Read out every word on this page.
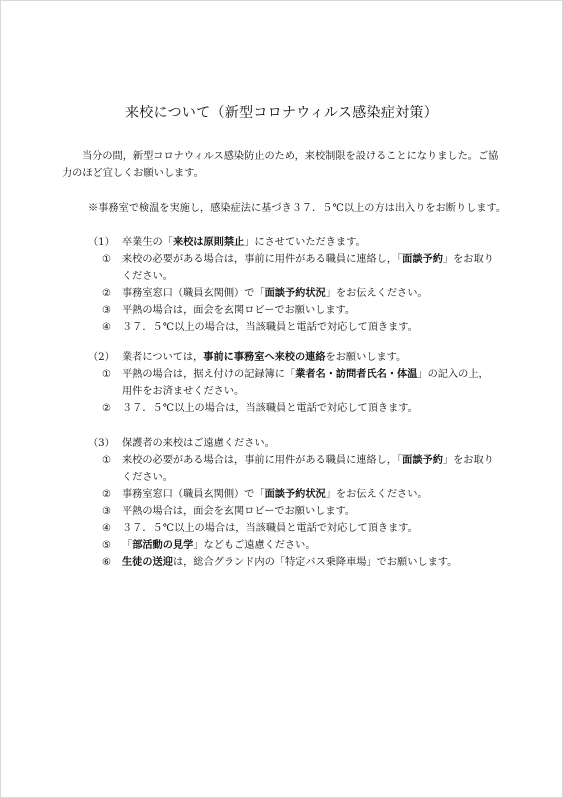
来校について（新型コロナウィルス感染症対策）
当分の間，新型コロナウィルス感染防止のため，来校制限を設けることになりました。ご協力のほど宜しくお願いします。
※事務室で検温を実施し，感染症法に基づき３７．５℃以上の方は出入りをお断りします。
（1） 卒業生の「来校は原則禁止」にさせていただきます。
① 来校の必要がある場合は，事前に用件がある職員に連絡し，「面談予約」をお取り
ください。
② 事務室窓口（職員玄関側）で「面談予約状況」をお伝えください。
③ 平熱の場合は，面会を玄関ロビーでお願いします。
④ ３７．５℃以上の場合は，当該職員と電話で対応して頂きます。
（2） 業者については，事前に事務室へ来校の連絡をお願いします。
① 平熱の場合は，据え付けの記録簿に「業者名・訪問者氏名・体温」の記入の上，
用件をお済ませください。
② ３７．５℃以上の場合は，当該職員と電話で対応して頂きます。
（3） 保護者の来校はご遠慮ください。
① 来校の必要がある場合は，事前に用件がある職員に連絡し，「面談予約」をお取り
ください。
② 事務室窓口（職員玄関側）で「面談予約状況」をお伝えください。
③ 平熱の場合は，面会を玄関ロビーでお願いします。
④ ３７．５℃以上の場合は，当該職員と電話で対応して頂きます。
⑤ 「部活動の見学」などもご遠慮ください。
⑥ 生徒の送迎は，総合グランド内の「特定バス乗降車場」でお願いします。
